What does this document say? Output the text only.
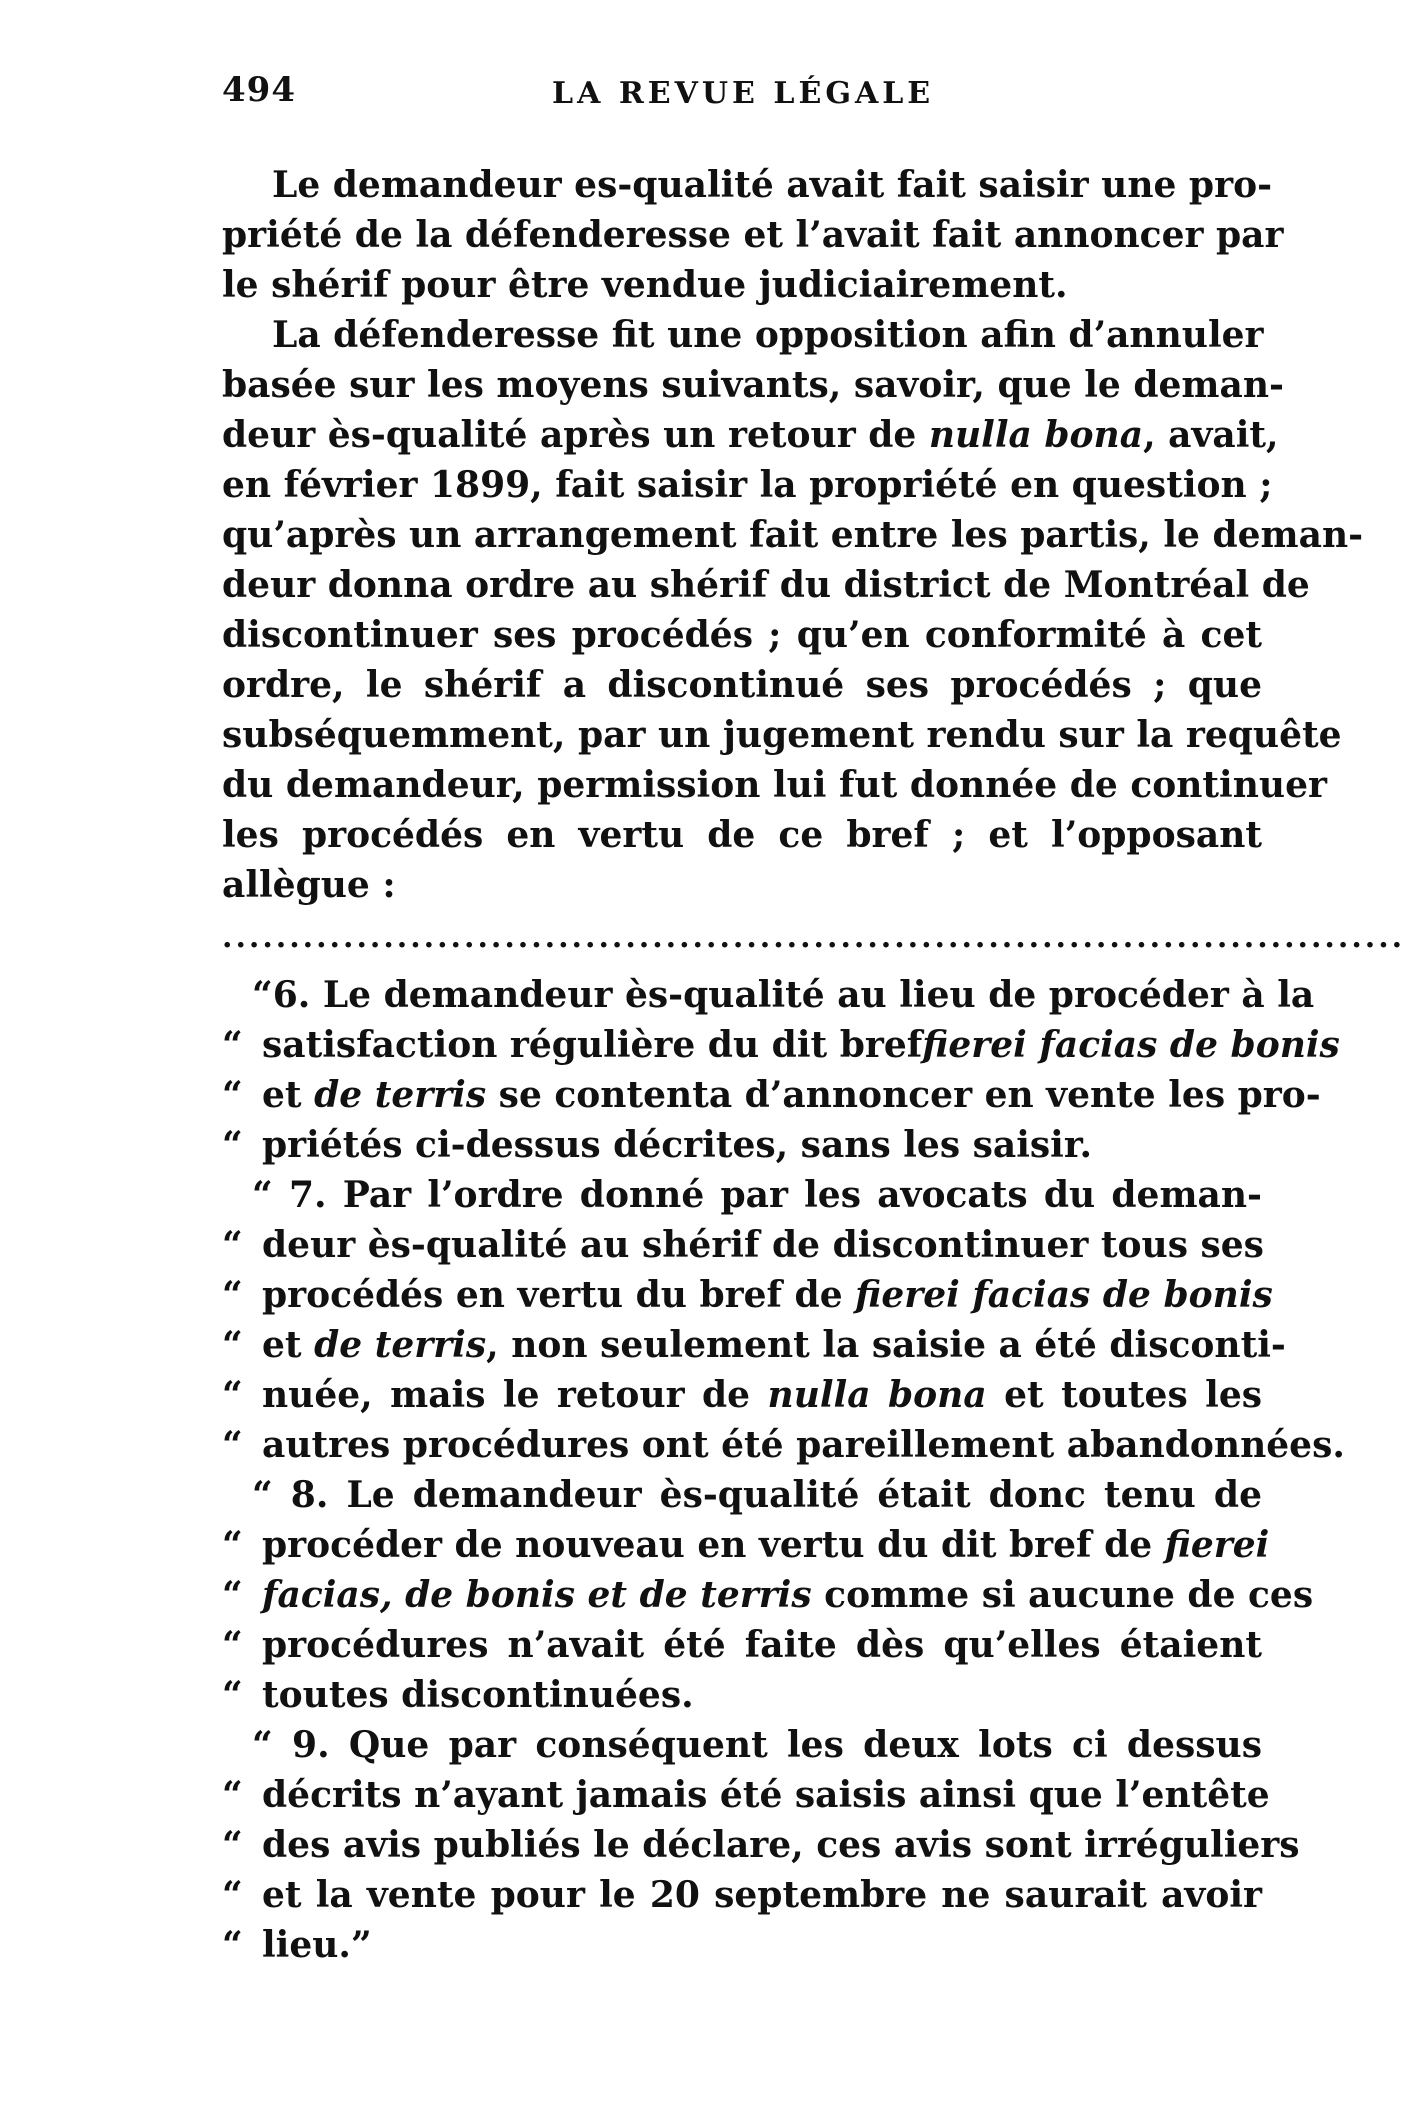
494	LA REVUE LÉGALE
Le demandeur es-qualité avait fait saisir une pro-
priété de la défenderesse et l’avait fait annoncer par
le shérif pour être vendue judiciairement.
La défenderesse fit une opposition afin d’annuler
basée sur les moyens suivants, savoir, que le deman-
deur ès-qualité après un retour de nulla bona, avait,
en février 1899, fait saisir la propriété en question ;
qu’après un arrangement fait entre les partis, le deman-
deur donna ordre au shérif du district de Montréal de
discontinuer ses procédés ; qu’en conformité à cet
ordre, le shérif a discontinué ses procédés ; que
subséquemment, par un jugement rendu sur la requête
du demandeur, permission lui fut donnée de continuer
les procédés en vertu de ce bref ; et l’opposant
allègue :
........................................................................................
“6. Le demandeur ès-qualité au lieu de procéder à la
“ satisfaction régulière du dit breffierei facias de bonis
“ et de terris se contenta d’annoncer en vente les pro-
“ priétés ci-dessus décrites, sans les saisir.
“ 7. Par l’ordre donné par les avocats du deman-
“ deur ès-qualité au shérif de discontinuer tous ses
“ procédés en vertu du bref de fierei facias de bonis
“ et de terris, non seulement la saisie a été disconti-
“ nuée, mais le retour de nulla bona et toutes les
“ autres procédures ont été pareillement abandonnées.
“ 8. Le demandeur ès-qualité était donc tenu de
“ procéder de nouveau en vertu du dit bref de fierei
“ facias, de bonis et de terris comme si aucune de ces
“ procédures n’avait été faite dès qu’elles étaient
“ toutes discontinuées.
“ 9. Que par conséquent les deux lots ci dessus
“ décrits n’ayant jamais été saisis ainsi que l’entête
“ des avis publiés le déclare, ces avis sont irréguliers
“ et la vente pour le 20 septembre ne saurait avoir
“ lieu.”
